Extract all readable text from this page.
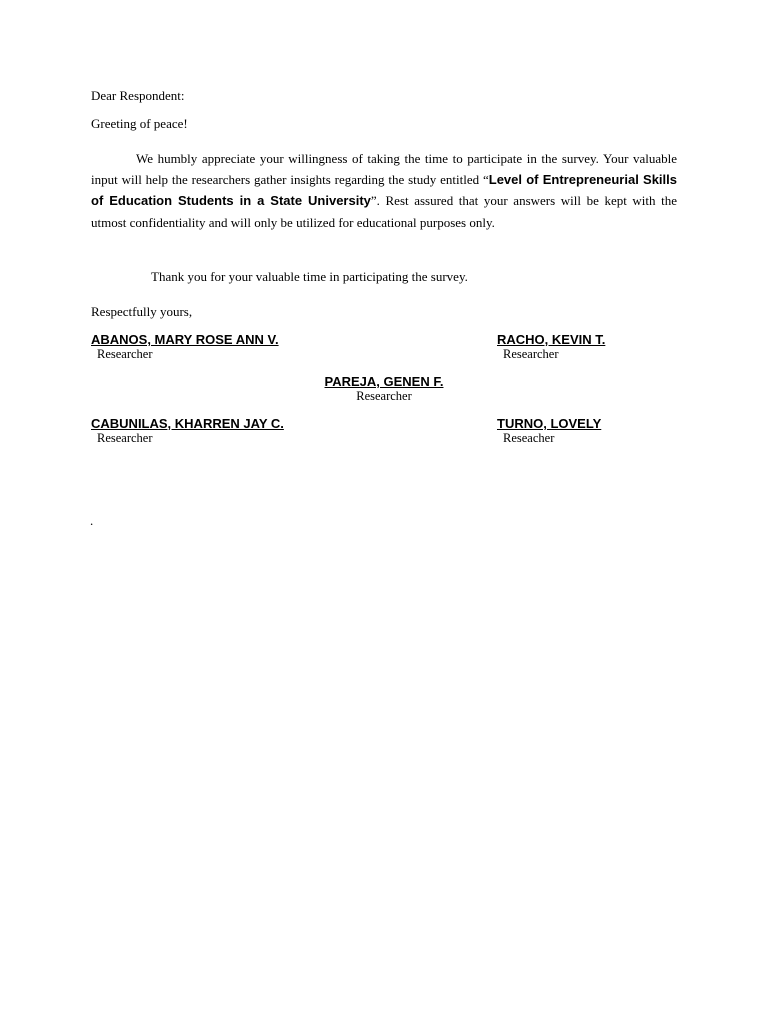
Dear Respondent:
Greeting of peace!
We humbly appreciate your willingness of taking the time to participate in the survey. Your valuable input will help the researchers gather insights regarding the study entitled “Level of Entrepreneurial Skills of Education Students in a State University”. Rest assured that your answers will be kept with the utmost confidentiality and will only be utilized for educational purposes only.
Thank you for your valuable time in participating the survey.
Respectfully yours,
ABANOS, MARY ROSE ANN V.
Researcher
RACHO, KEVIN T.
Researcher
PAREJA, GENEN F.
Researcher
CABUNILAS, KHARREN JAY C.
Researcher
TURNO, LOVELY
Reseacher
.
